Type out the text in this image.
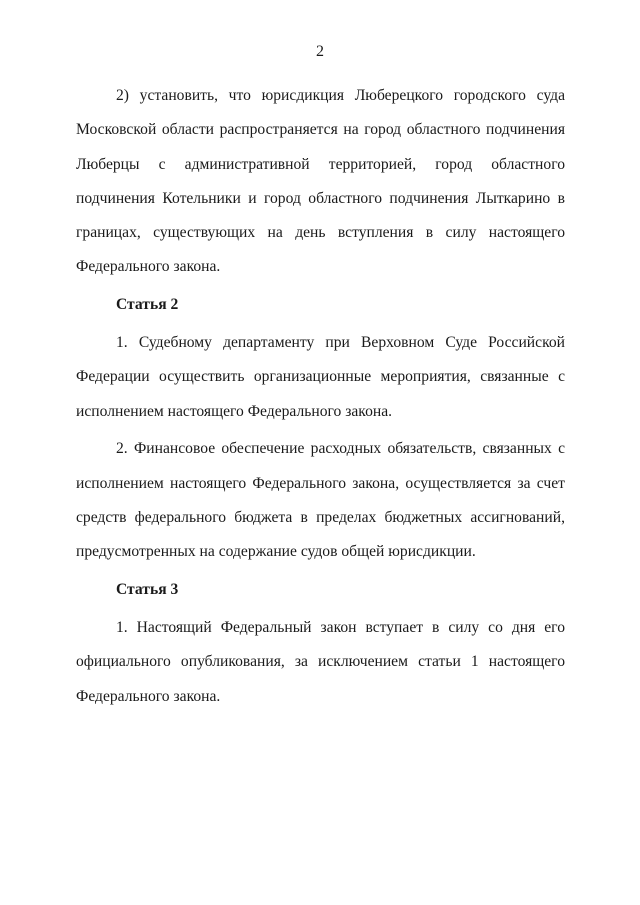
2

2) установить, что юрисдикция Люберецкого городского суда Московской области распространяется на город областного подчинения Люберцы с административной территорией, город областного подчинения Котельники и город областного подчинения Лыткарино в границах, существующих на день вступления в силу настоящего Федерального закона.

Статья 2

1. Судебному департаменту при Верховном Суде Российской Федерации осуществить организационные мероприятия, связанные с исполнением настоящего Федерального закона.

2. Финансовое обеспечение расходных обязательств, связанных с исполнением настоящего Федерального закона, осуществляется за счет средств федерального бюджета в пределах бюджетных ассигнований, предусмотренных на содержание судов общей юрисдикции.

Статья 3

1. Настоящий Федеральный закон вступает в силу со дня его официального опубликования, за исключением статьи 1 настоящего Федерального закона.
